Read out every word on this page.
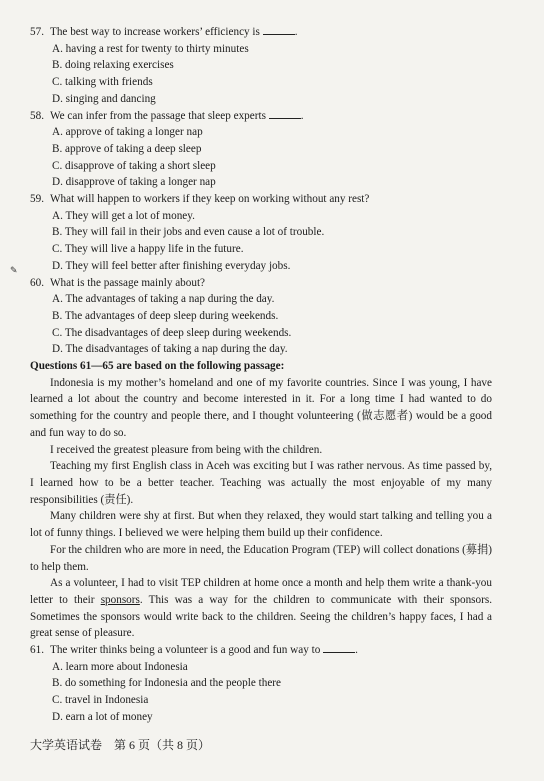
57. The best way to increase workers’ efficiency is	.

A. having a rest for twenty to thirty minutes

B. doing relaxing exercises

C. talking with friends

D. singing and dancing

58. We can infer from the passage that sleep experts	.

A. approve of taking a longer nap

B. approve of taking a deep sleep

C. disapprove of taking a short sleep

D. disapprove of taking a longer nap

59. What will happen to workers if they keep on working without any rest?

A. They will get a lot of money.

B. They will fail in their jobs and even cause a lot of trouble.

C. They will live a happy life in the future.

D. They will feel better after finishing everyday jobs.

60. What is the passage mainly about?

A. The advantages of taking a nap during the day.

B. The advantages of deep sleep during weekends.

C. The disadvantages of deep sleep during weekends.

D. The disadvantages of taking a nap during the day.

Questions 61—65 are based on the following passage:

Indonesia is my mother’s homeland and one of my favorite countries. Since I was young, I have learned a lot about the country and become interested in it. For a long time I had wanted to do something for the country and people there, and I thought volunteering (做志愿者) would be a good and fun way to do so.

I received the greatest pleasure from being with the children.

Teaching my first English class in Aceh was exciting but I was rather nervous. As time passed by, I learned how to be a better teacher. Teaching was actually the most enjoyable of my many responsibilities (责任).

Many children were shy at first. But when they relaxed, they would start talking and telling you a lot of funny things. I believed we were helping them build up their confidence.

For the children who are more in need, the Education Program (TEP) will collect donations (募捐) to help them.

As a volunteer, I had to visit TEP children at home once a month and help them write a thank-you letter to their sponsors. This was a way for the children to communicate with their sponsors. Sometimes the sponsors would write back to the children. Seeing the children’s happy faces, I had a great sense of pleasure.

61. The writer thinks being a volunteer is a good and fun way to	.

A. learn more about Indonesia

B. do something for Indonesia and the people there

C. travel in Indonesia

D. earn a lot of money

✎
大学英语试卷　第 6 页（共 8 页）
